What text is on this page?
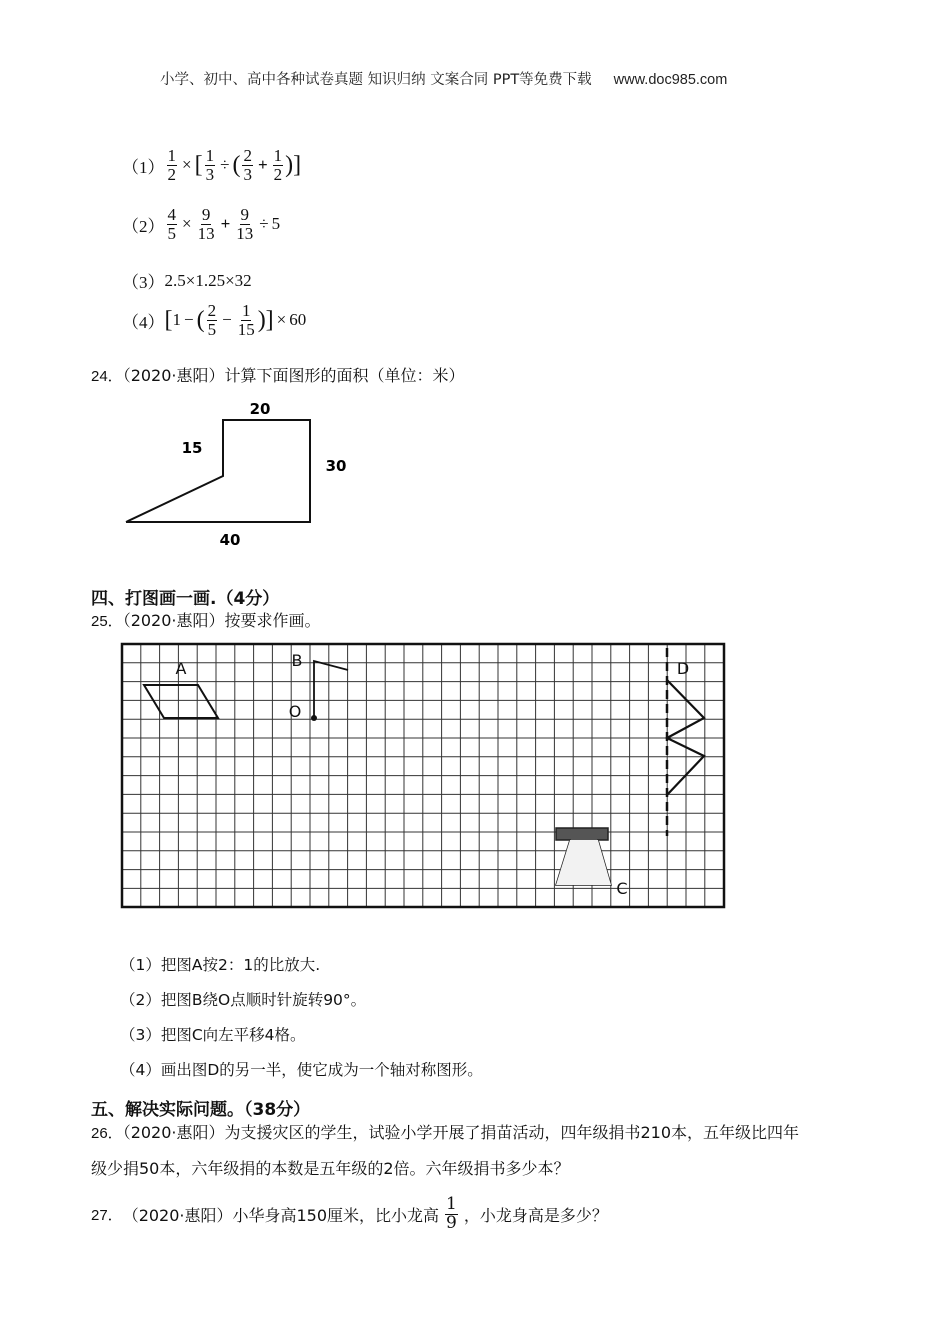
小学、初中、高中各种试卷真题 知识归纳 文案合同 PPT等免费下载 www.doc985.com
$(1) \frac{1}{2}$ × [ $\frac{1}{3}$ ÷ ( $\frac{2}{3} + \frac{1}{2}$ )]
$(2) \frac{4}{5} \times \frac{9}{13} + \frac{9}{13} \div 5$
（3） 2.5×1.25×32
（4） [ 1 − ( $\frac{2}{5} - \frac{1}{15}$ )] × 60
24．（2020·惠阳）计算下面图形的面积（单位：米）
20
15
30
40
四、打图画一画.（4分）
25．（2020·惠阳）按要求作画。
A	B
O
C
D
（1）把图A按2：1的比放大.
（2）把图B绕O点顺时针旋转90°。
（3）把图C向左平移4格。
（4）画出图D的另一半，使它成为一个轴对称图形。
五、解决实际问题。（38分）
26．（2020·惠阳）为支援灾区的学生，试验小学开展了捐苗活动，四年级捐书210本，五年级比四年
级少捐50本，六年级捐的本数是五年级的2倍。六年级捐书多少本？
27． （2020·惠阳） 小华身高150厘米，比小龙高 $\frac{1}{9}$ ，小龙身高是多少？
